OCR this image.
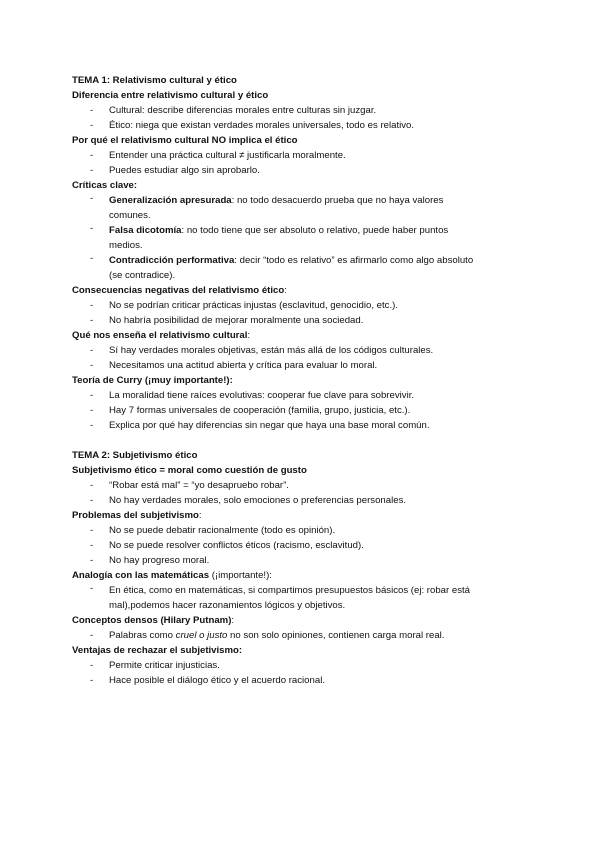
TEMA 1: Relativismo cultural y ético
Diferencia entre relativismo cultural y ético
- Cultural: describe diferencias morales entre culturas sin juzgar.
- Ético: niega que existan verdades morales universales, todo es relativo.
Por qué el relativismo cultural NO implica el ético
- Entender una práctica cultural ≠ justificarla moralmente.
- Puedes estudiar algo sin aprobarlo.
Críticas clave:
- Generalización apresurada: no todo desacuerdo prueba que no haya valores
comunes.
- Falsa dicotomía: no todo tiene que ser absoluto o relativo, puede haber puntos
medios.
- Contradicción performativa: decir “todo es relativo” es afirmarlo como algo absoluto
(se contradice).
Consecuencias negativas del relativismo ético:
- No se podrían criticar prácticas injustas (esclavitud, genocidio, etc.).
- No habría posibilidad de mejorar moralmente una sociedad.
Qué nos enseña el relativismo cultural:
- Sí hay verdades morales objetivas, están más allá de los códigos culturales.
- Necesitamos una actitud abierta y crítica para evaluar lo moral.
Teoría de Curry (¡muy importante!):
- La moralidad tiene raíces evolutivas: cooperar fue clave para sobrevivir.
- Hay 7 formas universales de cooperación (familia, grupo, justicia, etc.).
- Explica por qué hay diferencias sin negar que haya una base moral común.
TEMA 2: Subjetivismo ético
Subjetivismo ético = moral como cuestión de gusto
- “Robar está mal” = “yo desapruebo robar”.
- No hay verdades morales, solo emociones o preferencias personales.
Problemas del subjetivismo:
- No se puede debatir racionalmente (todo es opinión).
- No se puede resolver conflictos éticos (racismo, esclavitud).
- No hay progreso moral.
Analogía con las matemáticas (¡importante!):
- En ética, como en matemáticas, si compartimos presupuestos básicos (ej: robar está
mal),podemos hacer razonamientos lógicos y objetivos.
Conceptos densos (Hilary Putnam):
- Palabras como cruel o justo no son solo opiniones, contienen carga moral real.
Ventajas de rechazar el subjetivismo:
- Permite criticar injusticias.
- Hace posible el diálogo ético y el acuerdo racional.
